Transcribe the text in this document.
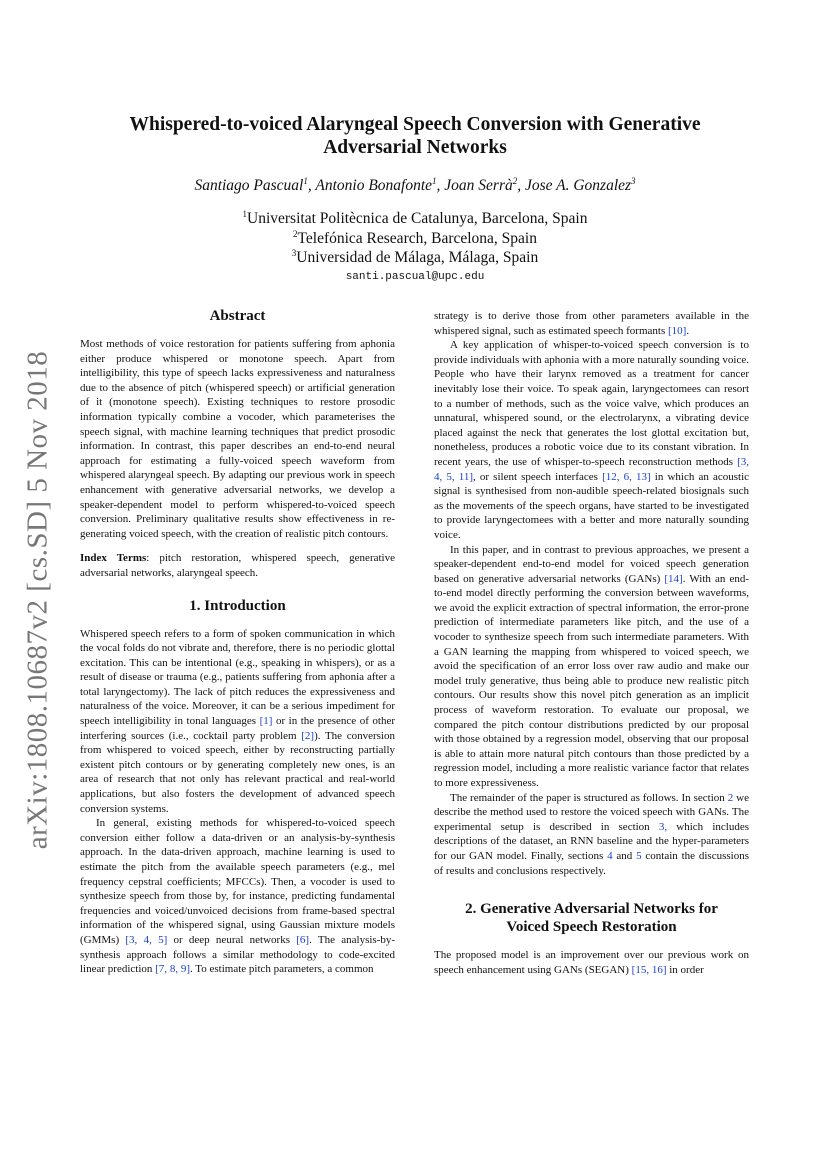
arXiv:1808.10687v2 [cs.SD] 5 Nov 2018
Whispered-to-voiced Alaryngeal Speech Conversion with Generative Adversarial Networks
Santiago Pascual$^1$, Antonio Bonafonte$^1$, Joan Serrà$^2$, Jose A. Gonzalez$^3$
$^1$Universitat Politècnica de Catalunya, Barcelona, Spain
$^2$Telefónica Research, Barcelona, Spain
$^3$Universidad de Málaga, Málaga, Spain
santi.pascual@upc.edu
Abstract

Most methods of voice restoration for patients suffering from aphonia either produce whispered or monotone speech. Apart from intelligibility, this type of speech lacks expressiveness and naturalness due to the absence of pitch (whispered speech) or artificial generation of it (monotone speech). Existing techniques to restore prosodic information typically combine a vocoder, which parameterises the speech signal, with machine learning techniques that predict prosodic information. In contrast, this paper describes an end-to-end neural approach for estimating a fully-voiced speech waveform from whispered alaryngeal speech. By adapting our previous work in speech enhancement with generative adversarial networks, we develop a speaker-dependent model to perform whispered-to-voiced speech conversion. Preliminary qualitative results show effectiveness in re-generating voiced speech, with the creation of realistic pitch contours.

Index Terms: pitch restoration, whispered speech, generative adversarial networks, alaryngeal speech.

1. Introduction

Whispered speech refers to a form of spoken communication in which the vocal folds do not vibrate and, therefore, there is no periodic glottal excitation. This can be intentional (e.g., speaking in whispers), or as a result of disease or trauma (e.g., patients suffering from aphonia after a total laryngectomy). The lack of pitch reduces the expressiveness and naturalness of the voice. Moreover, it can be a serious impediment for speech intelligibility in tonal languages [1] or in the presence of other interfering sources (i.e., cocktail party problem [2]). The conversion from whispered to voiced speech, either by reconstructing partially existent pitch contours or by generating completely new ones, is an area of research that not only has relevant practical and real-world applications, but also fosters the development of advanced speech conversion systems.

In general, existing methods for whispered-to-voiced speech conversion either follow a data-driven or an analysis-by-synthesis approach. In the data-driven approach, machine learning is used to estimate the pitch from the available speech parameters (e.g., mel frequency cepstral coefficients; MFCCs). Then, a vocoder is used to synthesize speech from those by, for instance, predicting fundamental frequencies and voiced/unvoiced decisions from frame-based spectral information of the whispered signal, using Gaussian mixture models (GMMs) [3, 4, 5] or deep neural networks [6]. The analysis-by-synthesis approach follows a similar methodology to code-excited linear prediction [7, 8, 9]. To estimate pitch parameters, a common

strategy is to derive those from other parameters available in the whispered signal, such as estimated speech formants [10].

A key application of whisper-to-voiced speech conversion is to provide individuals with aphonia with a more naturally sounding voice. People who have their larynx removed as a treatment for cancer inevitably lose their voice. To speak again, laryngectomees can resort to a number of methods, such as the voice valve, which produces an unnatural, whispered sound, or the electrolarynx, a vibrating device placed against the neck that generates the lost glottal excitation but, nonetheless, produces a robotic voice due to its constant vibration. In recent years, the use of whisper-to-speech reconstruction methods [3, 4, 5, 11], or silent speech interfaces [12, 6, 13] in which an acoustic signal is synthesised from non-audible speech-related biosignals such as the movements of the speech organs, have started to be investigated to provide laryngectomees with a better and more naturally sounding voice.

In this paper, and in contrast to previous approaches, we present a speaker-dependent end-to-end model for voiced speech generation based on generative adversarial networks (GANs) [14]. With an end-to-end model directly performing the conversion between waveforms, we avoid the explicit extraction of spectral information, the error-prone prediction of intermediate parameters like pitch, and the use of a vocoder to synthesize speech from such intermediate parameters. With a GAN learning the mapping from whispered to voiced speech, we avoid the specification of an error loss over raw audio and make our model truly generative, thus being able to produce new realistic pitch contours. Our results show this novel pitch generation as an implicit process of waveform restoration. To evaluate our proposal, we compared the pitch contour distributions predicted by our proposal with those obtained by a regression model, observing that our proposal is able to attain more natural pitch contours than those predicted by a regression model, including a more realistic variance factor that relates to more expressiveness.

The remainder of the paper is structured as follows. In section 2 we describe the method used to restore the voiced speech with GANs. The experimental setup is described in section 3, which includes descriptions of the dataset, an RNN baseline and the hyper-parameters for our GAN model. Finally, sections 4 and 5 contain the discussions of results and conclusions respectively.

2. Generative Adversarial Networks for
Voiced Speech Restoration

The proposed model is an improvement over our previous work on speech enhancement using GANs (SEGAN) [15, 16] in order
